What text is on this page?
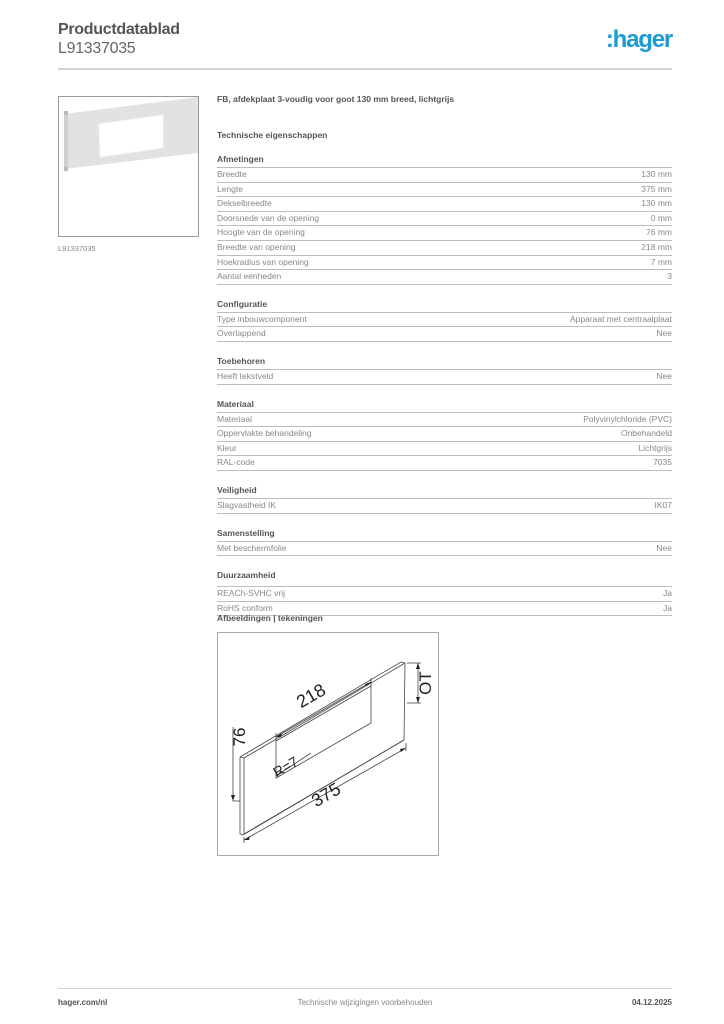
Productdatablad
L91337035	:hager
L91337035
FB, afdekplaat 3-voudig voor goot 130 mm breed, lichtgrijs
Technische eigenschappen
Afmetingen
Breedte	130 mm
Lengte	375 mm
Dekselbreedte	130 mm
Doorsnede van de opening	0 mm
Hoogte van de opening	76 mm
Breedte van opening	218 mm
Hoekradius van opening	7 mm
Aantal eenheden	3
Configuratie
Type inbouwcomponent	Apparaat met centraalplaat
Overlappend	Nee
Toebehoren
Heeft tekstveld	Nee
Materiaal
Materiaal	Polyvinylchloride (PVC)
Oppervlakte behandeling	Onbehandeld
Kleur	Lichtgrijs
RAL-code	7035
Veiligheid
Slagvastheid IK	IK07
Samenstelling
Met beschermfolie	Nee
Duurzaamheid
REACh-SVHC vrij	Ja
RoHS conform	Ja
Afbeeldingen | tekeningen
218
76
R=7
375
OT
hager.com/nl	Technische wijzigingen voorbehouden	04.12.2025
